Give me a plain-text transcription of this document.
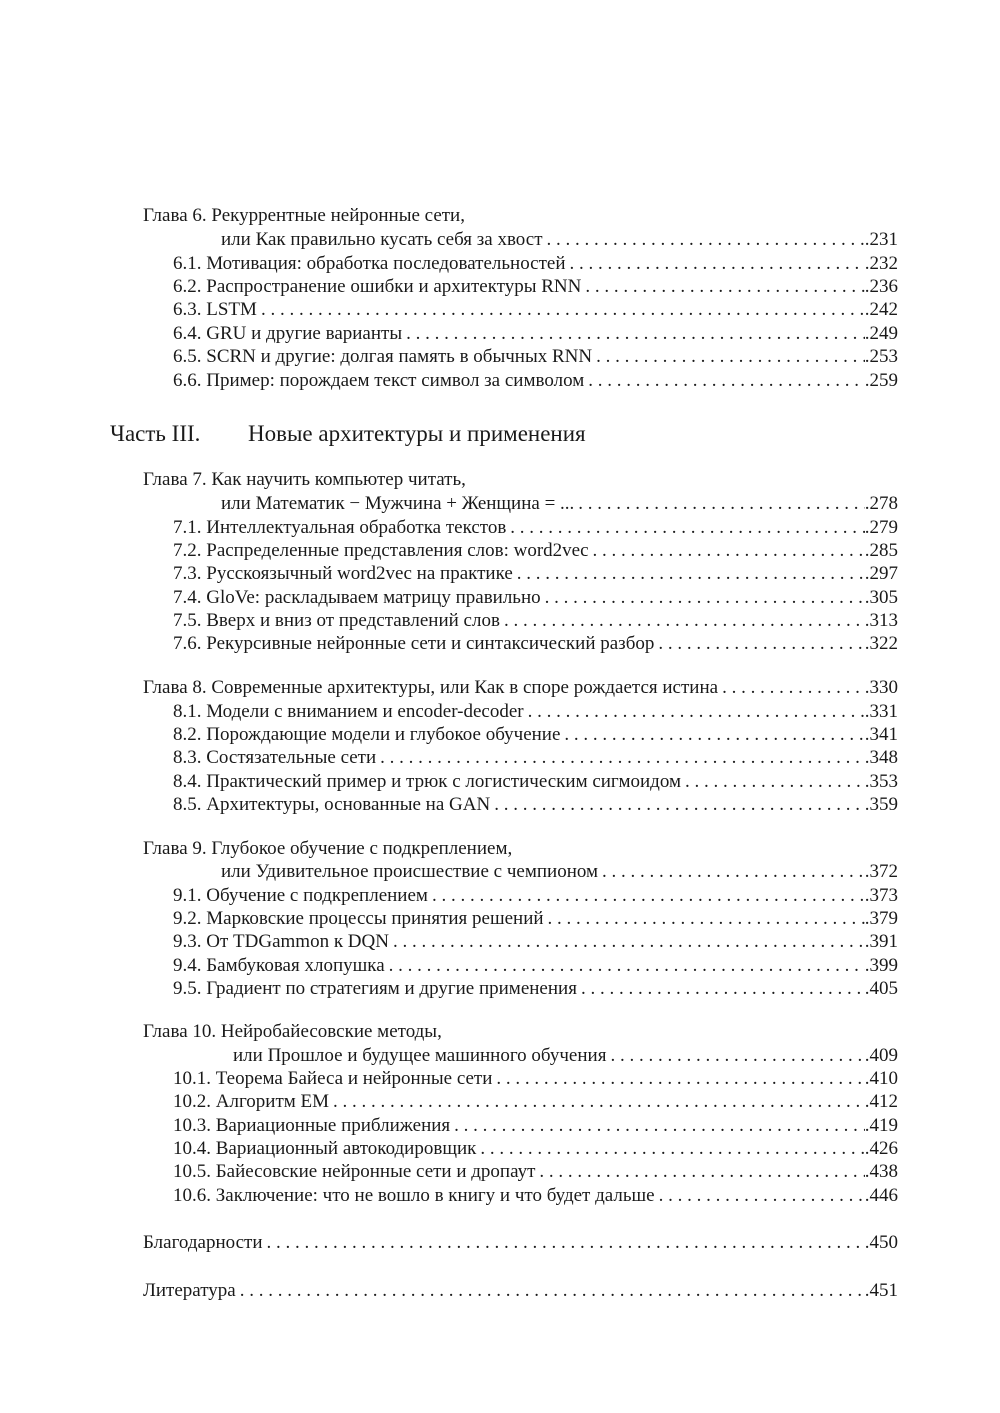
Глава 6. Рекуррентные нейронные сети,
или Как правильно кусать себя за хвост . . .	.231
6.1. Мотивация: обработка последовательностей . . .	.232
6.2. Распространение ошибки и архитектуры RNN . . .	.236
6.3. LSTM . . .	.242
6.4. GRU и другие варианты . . .	.249
6.5. SCRN и другие: долгая память в обычных RNN . . .	.253
6.6. Пример: порождаем текст символ за символом . . .	.259
Часть III. Новые архитектуры и применения
Глава 7. Как научить компьютер читать,
или Математик − Мужчина + Женщина = ... . . .	.278
7.1. Интеллектуальная обработка текстов . . .	.279
7.2. Распределенные представления слов: word2vec . . .	.285
7.3. Русскоязычный word2vec на практике . . .	.297
7.4. GloVe: раскладываем матрицу правильно . . .	.305
7.5. Вверх и вниз от представлений слов . . .	.313
7.6. Рекурсивные нейронные сети и синтаксический разбор . . .	.322
Глава 8. Современные архитектуры, или Как в споре рождается истина . . .	.330
8.1. Модели с вниманием и encoder-decoder . . .	.331
8.2. Порождающие модели и глубокое обучение . . .	.341
8.3. Состязательные сети . . .	.348
8.4. Практический пример и трюк с логистическим сигмоидом . . .	.353
8.5. Архитектуры, основанные на GAN . . .	.359
Глава 9. Глубокое обучение с подкреплением,
или Удивительное происшествие с чемпионом . . .	.372
9.1. Обучение с подкреплением . . .	.373
9.2. Марковские процессы принятия решений . . .	.379
9.3. От TDGammon к DQN . . .	.391
9.4. Бамбуковая хлопушка . . .	.399
9.5. Градиент по стратегиям и другие применения . . .	.405
Глава 10. Нейробайесовские методы,
или Прошлое и будущее машинного обучения . . .	.409
10.1. Теорема Байеса и нейронные сети . . .	.410
10.2. Алгоритм EM . . .	.412
10.3. Вариационные приближения . . .	.419
10.4. Вариационный автокодировщик . . .	.426
10.5. Байесовские нейронные сети и дропаут . . .	.438
10.6. Заключение: что не вошло в книгу и что будет дальше . . .	.446
Благодарности . . .	.450
Литература . . .	.451
